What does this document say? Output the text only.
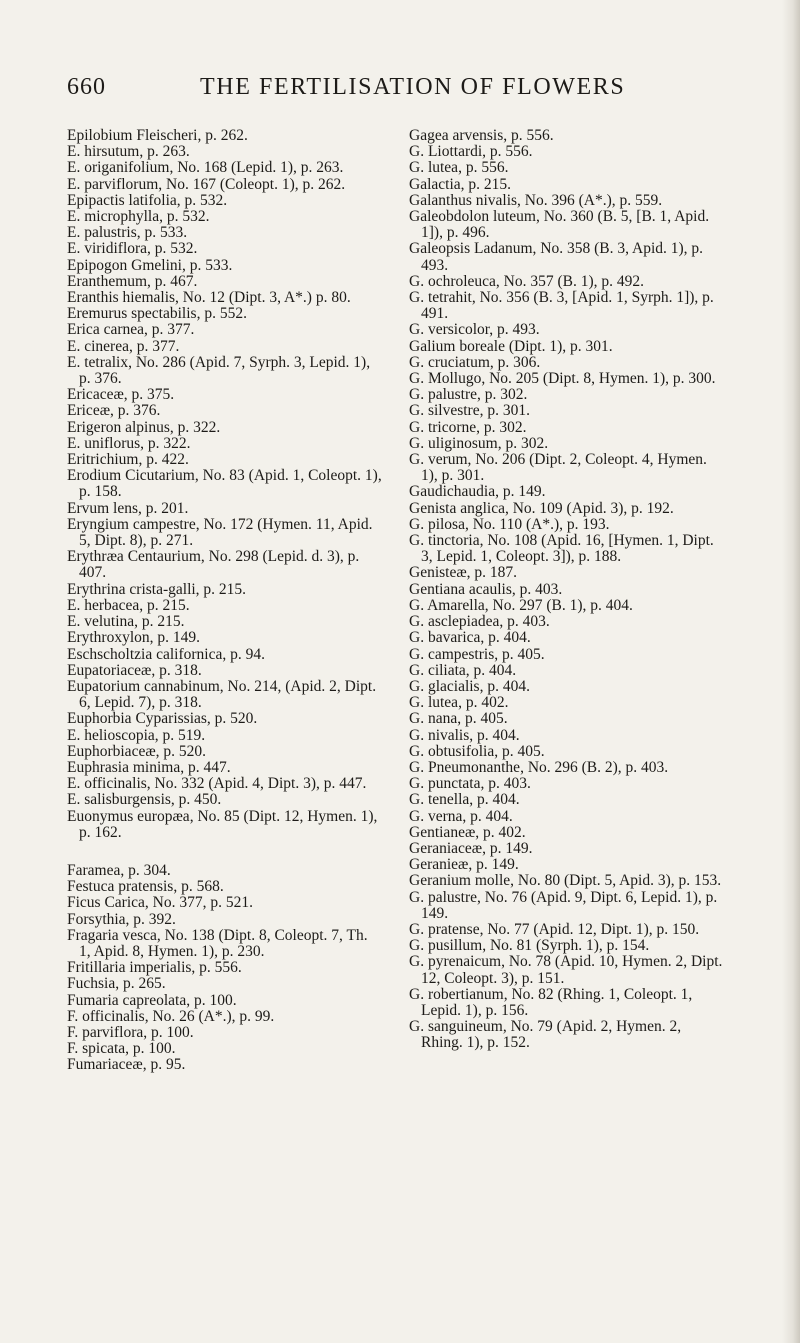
660	THE FERTILISATION OF FLOWERS

Epilobium Fleischeri, p. 262.

E. hirsutum, p. 263.

E. origanifolium, No. 168 (Lepid. 1), p. 263.

E. parviflorum, No. 167 (Coleopt. 1), p. 262.

Epipactis latifolia, p. 532.

E. microphylla, p. 532.

E. palustris, p. 533.

E. viridiflora, p. 532.

Epipogon Gmelini, p. 533.

Eranthemum, p. 467.

Eranthis hiemalis, No. 12 (Dipt. 3, A*.) p. 80.

Eremurus spectabilis, p. 552.

Erica carnea, p. 377.

E. cinerea, p. 377.

E. tetralix, No. 286 (Apid. 7, Syrph. 3, Lepid. 1), p. 376.

Ericaceæ, p. 375.

Ericeæ, p. 376.

Erigeron alpinus, p. 322.

E. uniflorus, p. 322.

Eritrichium, p. 422.

Erodium Cicutarium, No. 83 (Apid. 1, Coleopt. 1), p. 158.

Ervum lens, p. 201.

Eryngium campestre, No. 172 (Hymen. 11, Apid. 5, Dipt. 8), p. 271.

Erythræa Centaurium, No. 298 (Lepid. d. 3), p. 407.

Erythrina crista-galli, p. 215.

E. herbacea, p. 215.

E. velutina, p. 215.

Erythroxylon, p. 149.

Eschscholtzia californica, p. 94.

Eupatoriaceæ, p. 318.

Eupatorium cannabinum, No. 214, (Apid. 2, Dipt. 6, Lepid. 7), p. 318.

Euphorbia Cyparissias, p. 520.

E. helioscopia, p. 519.

Euphorbiaceæ, p. 520.

Euphrasia minima, p. 447.

E. officinalis, No. 332 (Apid. 4, Dipt. 3), p. 447.

E. salisburgensis, p. 450.

Euonymus europæa, No. 85 (Dipt. 12, Hymen. 1), p. 162.

Faramea, p. 304.

Festuca pratensis, p. 568.

Ficus Carica, No. 377, p. 521.

Forsythia, p. 392.

Fragaria vesca, No. 138 (Dipt. 8, Coleopt. 7, Th. 1, Apid. 8, Hymen. 1), p. 230.

Fritillaria imperialis, p. 556.

Fuchsia, p. 265.

Fumaria capreolata, p. 100.

F. officinalis, No. 26 (A*.), p. 99.

F. parviflora, p. 100.

F. spicata, p. 100.

Fumariaceæ, p. 95.

Gagea arvensis, p. 556.

G. Liottardi, p. 556.

G. lutea, p. 556.

Galactia, p. 215.

Galanthus nivalis, No. 396 (A*.), p. 559.

Galeobdolon luteum, No. 360 (B. 5, [B. 1, Apid. 1]), p. 496.

Galeopsis Ladanum, No. 358 (B. 3, Apid. 1), p. 493.

G. ochroleuca, No. 357 (B. 1), p. 492.

G. tetrahit, No. 356 (B. 3, [Apid. 1, Syrph. 1]), p. 491.

G. versicolor, p. 493.

Galium boreale (Dipt. 1), p. 301.

G. cruciatum, p. 306.

G. Mollugo, No. 205 (Dipt. 8, Hymen. 1), p. 300.

G. palustre, p. 302.

G. silvestre, p. 301.

G. tricorne, p. 302.

G. uliginosum, p. 302.

G. verum, No. 206 (Dipt. 2, Coleopt. 4, Hymen. 1), p. 301.

Gaudichaudia, p. 149.

Genista anglica, No. 109 (Apid. 3), p. 192.

G. pilosa, No. 110 (A*.), p. 193.

G. tinctoria, No. 108 (Apid. 16, [Hymen. 1, Dipt. 3, Lepid. 1, Coleopt. 3]), p. 188.

Genisteæ, p. 187.

Gentiana acaulis, p. 403.

G. Amarella, No. 297 (B. 1), p. 404.

G. asclepiadea, p. 403.

G. bavarica, p. 404.

G. campestris, p. 405.

G. ciliata, p. 404.

G. glacialis, p. 404.

G. lutea, p. 402.

G. nana, p. 405.

G. nivalis, p. 404.

G. obtusifolia, p. 405.

G. Pneumonanthe, No. 296 (B. 2), p. 403.

G. punctata, p. 403.

G. tenella, p. 404.

G. verna, p. 404.

Gentianeæ, p. 402.

Geraniaceæ, p. 149.

Geranieæ, p. 149.

Geranium molle, No. 80 (Dipt. 5, Apid. 3), p. 153.

G. palustre, No. 76 (Apid. 9, Dipt. 6, Lepid. 1), p. 149.

G. pratense, No. 77 (Apid. 12, Dipt. 1), p. 150.

G. pusillum, No. 81 (Syrph. 1), p. 154.

G. pyrenaicum, No. 78 (Apid. 10, Hymen. 2, Dipt. 12, Coleopt. 3), p. 151.

G. robertianum, No. 82 (Rhing. 1, Coleopt. 1, Lepid. 1), p. 156.

G. sanguineum, No. 79 (Apid. 2, Hymen. 2, Rhing. 1), p. 152.
